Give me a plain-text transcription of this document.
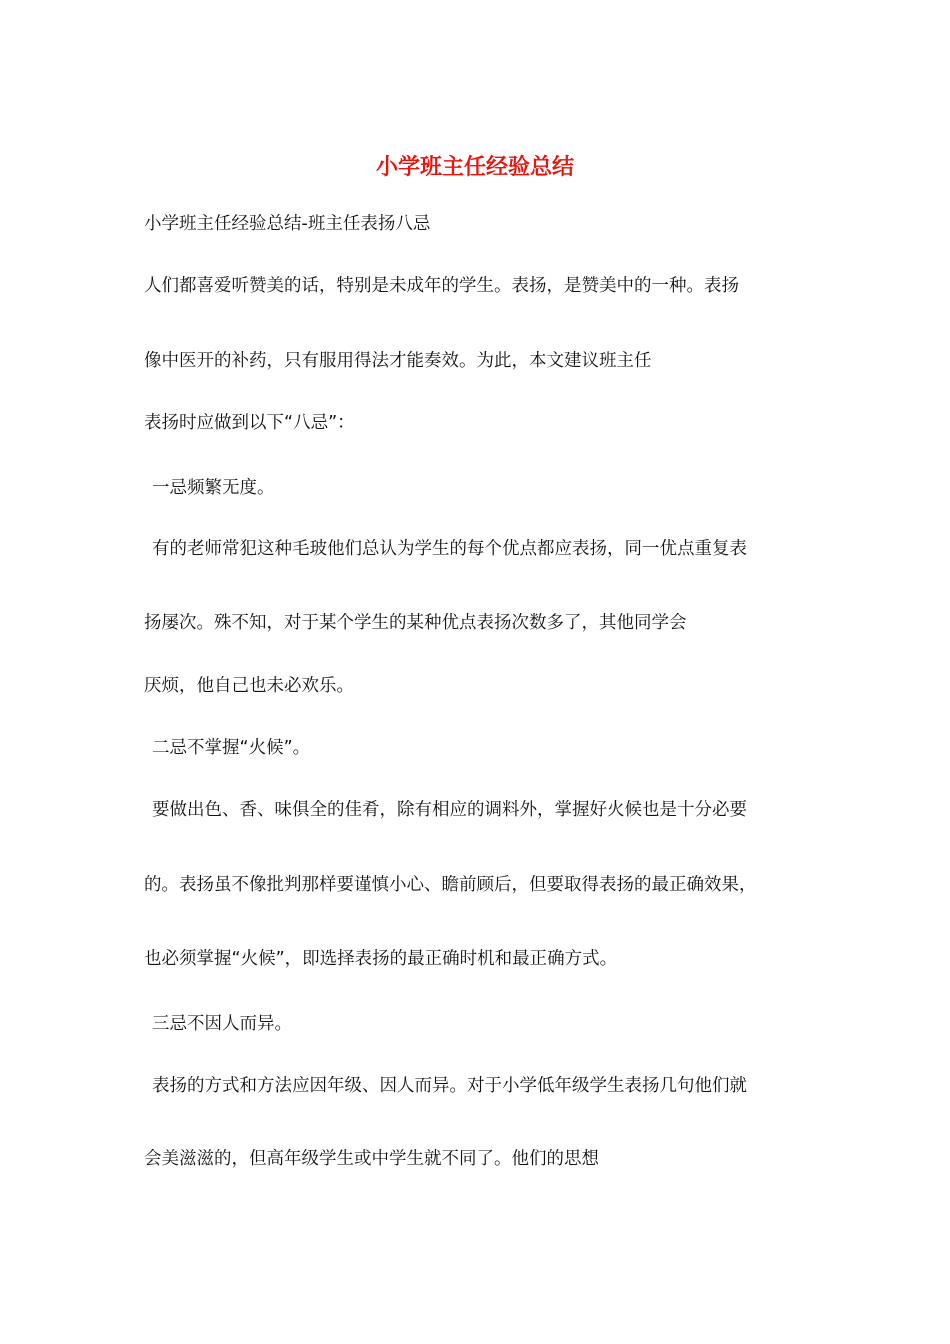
小学班主任经验总结

小学班主任经验总结-班主任表扬八忌

人们都喜爱听赞美的话，特别是未成年的学生。表扬，是赞美中的一种。表扬

像中医开的补药，只有服用得法才能奏效。为此，本文建议班主任

表扬时应做到以下“八忌”：

一忌频繁无度。

有的老师常犯这种毛玻他们总认为学生的每个优点都应表扬，同一优点重复表

扬屡次。殊不知，对于某个学生的某种优点表扬次数多了，其他同学会

厌烦，他自己也未必欢乐。

二忌不掌握“火候”。

要做出色、香、味俱全的佳肴，除有相应的调料外，掌握好火候也是十分必要

的。表扬虽不像批判那样要谨慎小心、瞻前顾后，但要取得表扬的最正确效果，

也必须掌握“火候”，即选择表扬的最正确时机和最正确方式。

三忌不因人而异。

表扬的方式和方法应因年级、因人而异。对于小学低年级学生表扬几句他们就

会美滋滋的，但高年级学生或中学生就不同了。他们的思想
